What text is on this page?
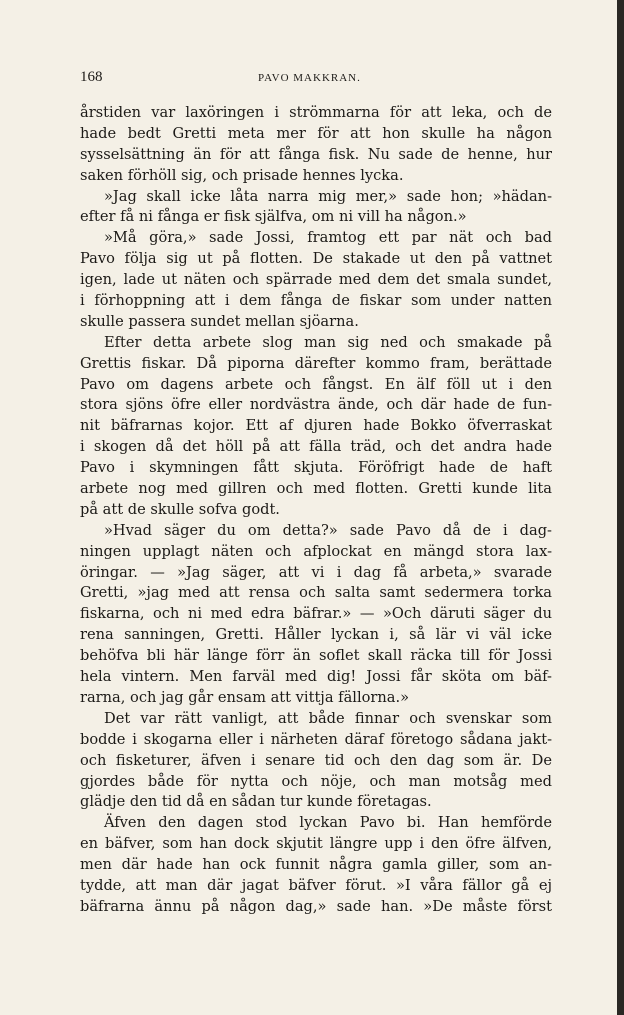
168	PAVO MAKKRAN.
årstiden var laxöringen i strömmarna för att leka, och de
hade bedt Gretti meta mer för att hon skulle ha någon
sysselsättning än för att fånga fisk. Nu sade de henne, hur
saken förhöll sig, och prisade hennes lycka.
»Jag skall icke låta narra mig mer,» sade hon; »hädan-
efter få ni fånga er fisk själfva, om ni vill ha någon.»
»Må göra,» sade Jossi, framtog ett par nät och bad
Pavo följa sig ut på flotten. De stakade ut den på vattnet
igen, lade ut näten och spärrade med dem det smala sundet,
i förhoppning att i dem fånga de fiskar som under natten
skulle passera sundet mellan sjöarna.
Efter detta arbete slog man sig ned och smakade på
Grettis fiskar. Då piporna därefter kommo fram, berättade
Pavo om dagens arbete och fångst. En älf föll ut i den
stora sjöns öfre eller nordvästra ände, och där hade de fun-
nit bäfrarnas kojor. Ett af djuren hade Bokko öfverraskat
i skogen då det höll på att fälla träd, och det andra hade
Pavo i skymningen fått skjuta. Föröfrigt hade de haft
arbete nog med gillren och med flotten. Gretti kunde lita
på att de skulle sofva godt.
»Hvad säger du om detta?» sade Pavo då de i dag-
ningen upplagt näten och afplockat en mängd stora lax-
öringar. — »Jag säger, att vi i dag få arbeta,» svarade
Gretti, »jag med att rensa och salta samt sedermera torka
fiskarna, och ni med edra bäfrar.» — »Och däruti säger du
rena sanningen, Gretti. Håller lyckan i, så lär vi väl icke
behöfva bli här länge förr än soflet skall räcka till för Jossi
hela vintern. Men farväl med dig! Jossi får sköta om bäf-
rarna, och jag går ensam att vittja fällorna.»
Det var rätt vanligt, att både finnar och svenskar som
bodde i skogarna eller i närheten däraf företogo sådana jakt-
och fisketurer, äfven i senare tid och den dag som är. De
gjordes både för nytta och nöje, och man motsåg med
glädje den tid då en sådan tur kunde företagas.
Äfven den dagen stod lyckan Pavo bi. Han hemförde
en bäfver, som han dock skjutit längre upp i den öfre älfven,
men där hade han ock funnit några gamla giller, som an-
tydde, att man där jagat bäfver förut. »I våra fällor gå ej
bäfrarna ännu på någon dag,» sade han. »De måste först
